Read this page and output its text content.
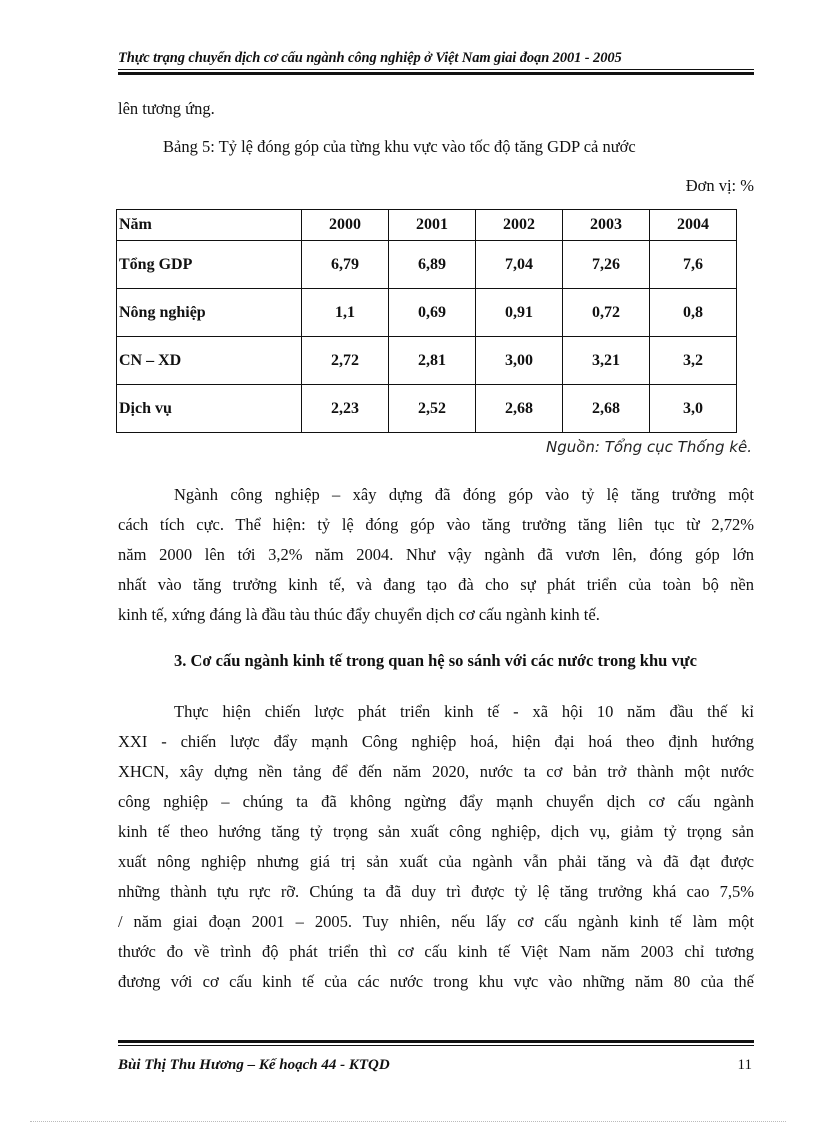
Thực trạng chuyển dịch cơ cấu ngành công nghiệp ở Việt Nam giai đoạn 2001 - 2005
lên tương ứng.
Bảng 5: Tỷ lệ đóng góp của từng khu vực vào tốc độ tăng GDP cả nước
Đơn vị: %
Năm	2000	2001	2002	2003	2004
Tổng GDP	6,79	6,89	7,04	7,26	7,6
Nông nghiệp	1,1	0,69	0,91	0,72	0,8
CN – XD	2,72	2,81	3,00	3,21	3,2
Dịch vụ	2,23	2,52	2,68	2,68	3,0
Nguồn: Tổng cục Thống kê.
Ngành công nghiệp – xây dựng đã đóng góp vào tỷ lệ tăng trưởng một
cách tích cực. Thể hiện: tỷ lệ đóng góp vào tăng trưởng tăng liên tục từ 2,72%
năm 2000 lên tới 3,2% năm 2004. Như vậy ngành đã vươn lên, đóng góp lớn
nhất vào tăng trưởng kinh tế, và đang tạo đà cho sự phát triển của toàn bộ nền
kinh tế, xứng đáng là đầu tàu thúc đẩy chuyển dịch cơ cấu ngành kinh tế.
3. Cơ cấu ngành kinh tế trong quan hệ so sánh với các nước trong khu vực
Thực hiện chiến lược phát triển kinh tế - xã hội 10 năm đầu thế kỉ
XXI - chiến lược đẩy mạnh Công nghiệp hoá, hiện đại hoá theo định hướng
XHCN, xây dựng nền tảng để đến năm 2020, nước ta cơ bản trở thành một nước
công nghiệp – chúng ta đã không ngừng đẩy mạnh chuyển dịch cơ cấu ngành
kinh tế theo hướng tăng tỷ trọng sản xuất công nghiệp, dịch vụ, giảm tỷ trọng sản
xuất nông nghiệp nhưng giá trị sản xuất của ngành vẫn phải tăng và đã đạt được
những thành tựu rực rỡ. Chúng ta đã duy trì được tỷ lệ tăng trưởng khá cao 7,5%
/ năm giai đoạn 2001 – 2005. Tuy nhiên, nếu lấy cơ cấu ngành kinh tế làm một
thước đo về trình độ phát triển thì cơ cấu kinh tế Việt Nam năm 2003 chỉ tương
đương với cơ cấu kinh tế của các nước trong khu vực vào những năm 80 của thế
Bùi Thị Thu Hương – Kế hoạch 44 - KTQD	11
